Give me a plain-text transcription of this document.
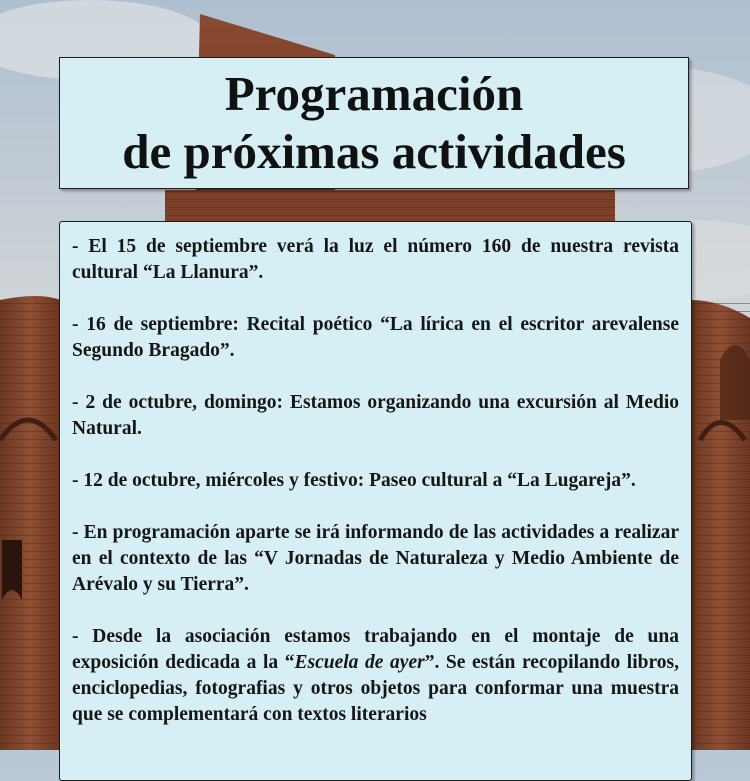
Programación
de próximas actividades

- El 15 de septiembre verá la luz el número 160 de nuestra revista cultural “La Llanura”.

- 16 de septiembre: Recital poético “La lírica en el escritor arevalense Segundo Bragado”.

- 2 de octubre, domingo: Estamos organizando una excursión al Medio Natural.

- 12 de octubre, miércoles y festivo: Paseo cultural a “La Lugareja”.

- En programación aparte se irá informando de las actividades a realizar en el contexto de las “V Jornadas de Naturaleza y Medio Ambiente de Arévalo y su Tierra”.

- Desde la asociación estamos trabajando en el montaje de una exposición dedicada a la “Escuela de ayer”. Se están recopilando libros, enciclopedias, fotografias y otros objetos para conformar una muestra que se complementará con textos literarios
